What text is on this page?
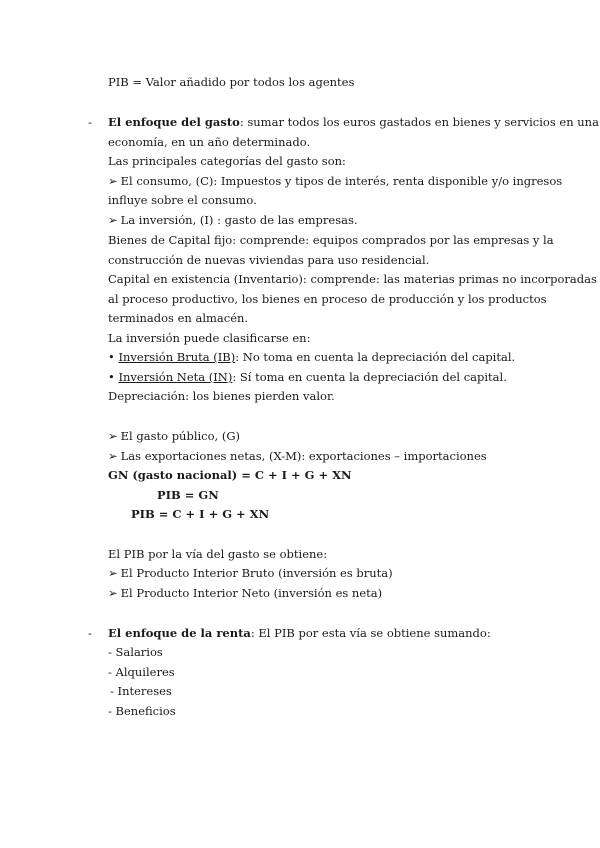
PIB = Valor añadido por todos los agentes
- El enfoque del gasto: sumar todos los euros gastados en bienes y servicios en una
economía, en un año determinado.
Las principales categorías del gasto son:
➢ El consumo, (C): Impuestos y tipos de interés, renta disponible y/o ingresos
influye sobre el consumo.
➢ La inversión, (I) : gasto de las empresas.
Bienes de Capital fijo: comprende: equipos comprados por las empresas y la
construcción de nuevas viviendas para uso residencial.
Capital en existencia (Inventario): comprende: las materias primas no incorporadas
al proceso productivo, los bienes en proceso de producción y los productos
terminados en almacén.
La inversión puede clasificarse en:
• Inversión Bruta (IB): No toma en cuenta la depreciación del capital.
• Inversión Neta (IN): Sí toma en cuenta la depreciación del capital.
Depreciación: los bienes pierden valor.
➢ El gasto público, (G)
➢ Las exportaciones netas, (X-M): exportaciones – importaciones
GN (gasto nacional) = C + I + G + XN
PIB = GN
PIB = C + I + G + XN
El PIB por la vía del gasto se obtiene:
➢ El Producto Interior Bruto (inversión es bruta)
➢ El Producto Interior Neto (inversión es neta)
- El enfoque de la renta: El PIB por esta vía se obtiene sumando:
- Salarios
- Alquileres
- Intereses
- Beneficios
